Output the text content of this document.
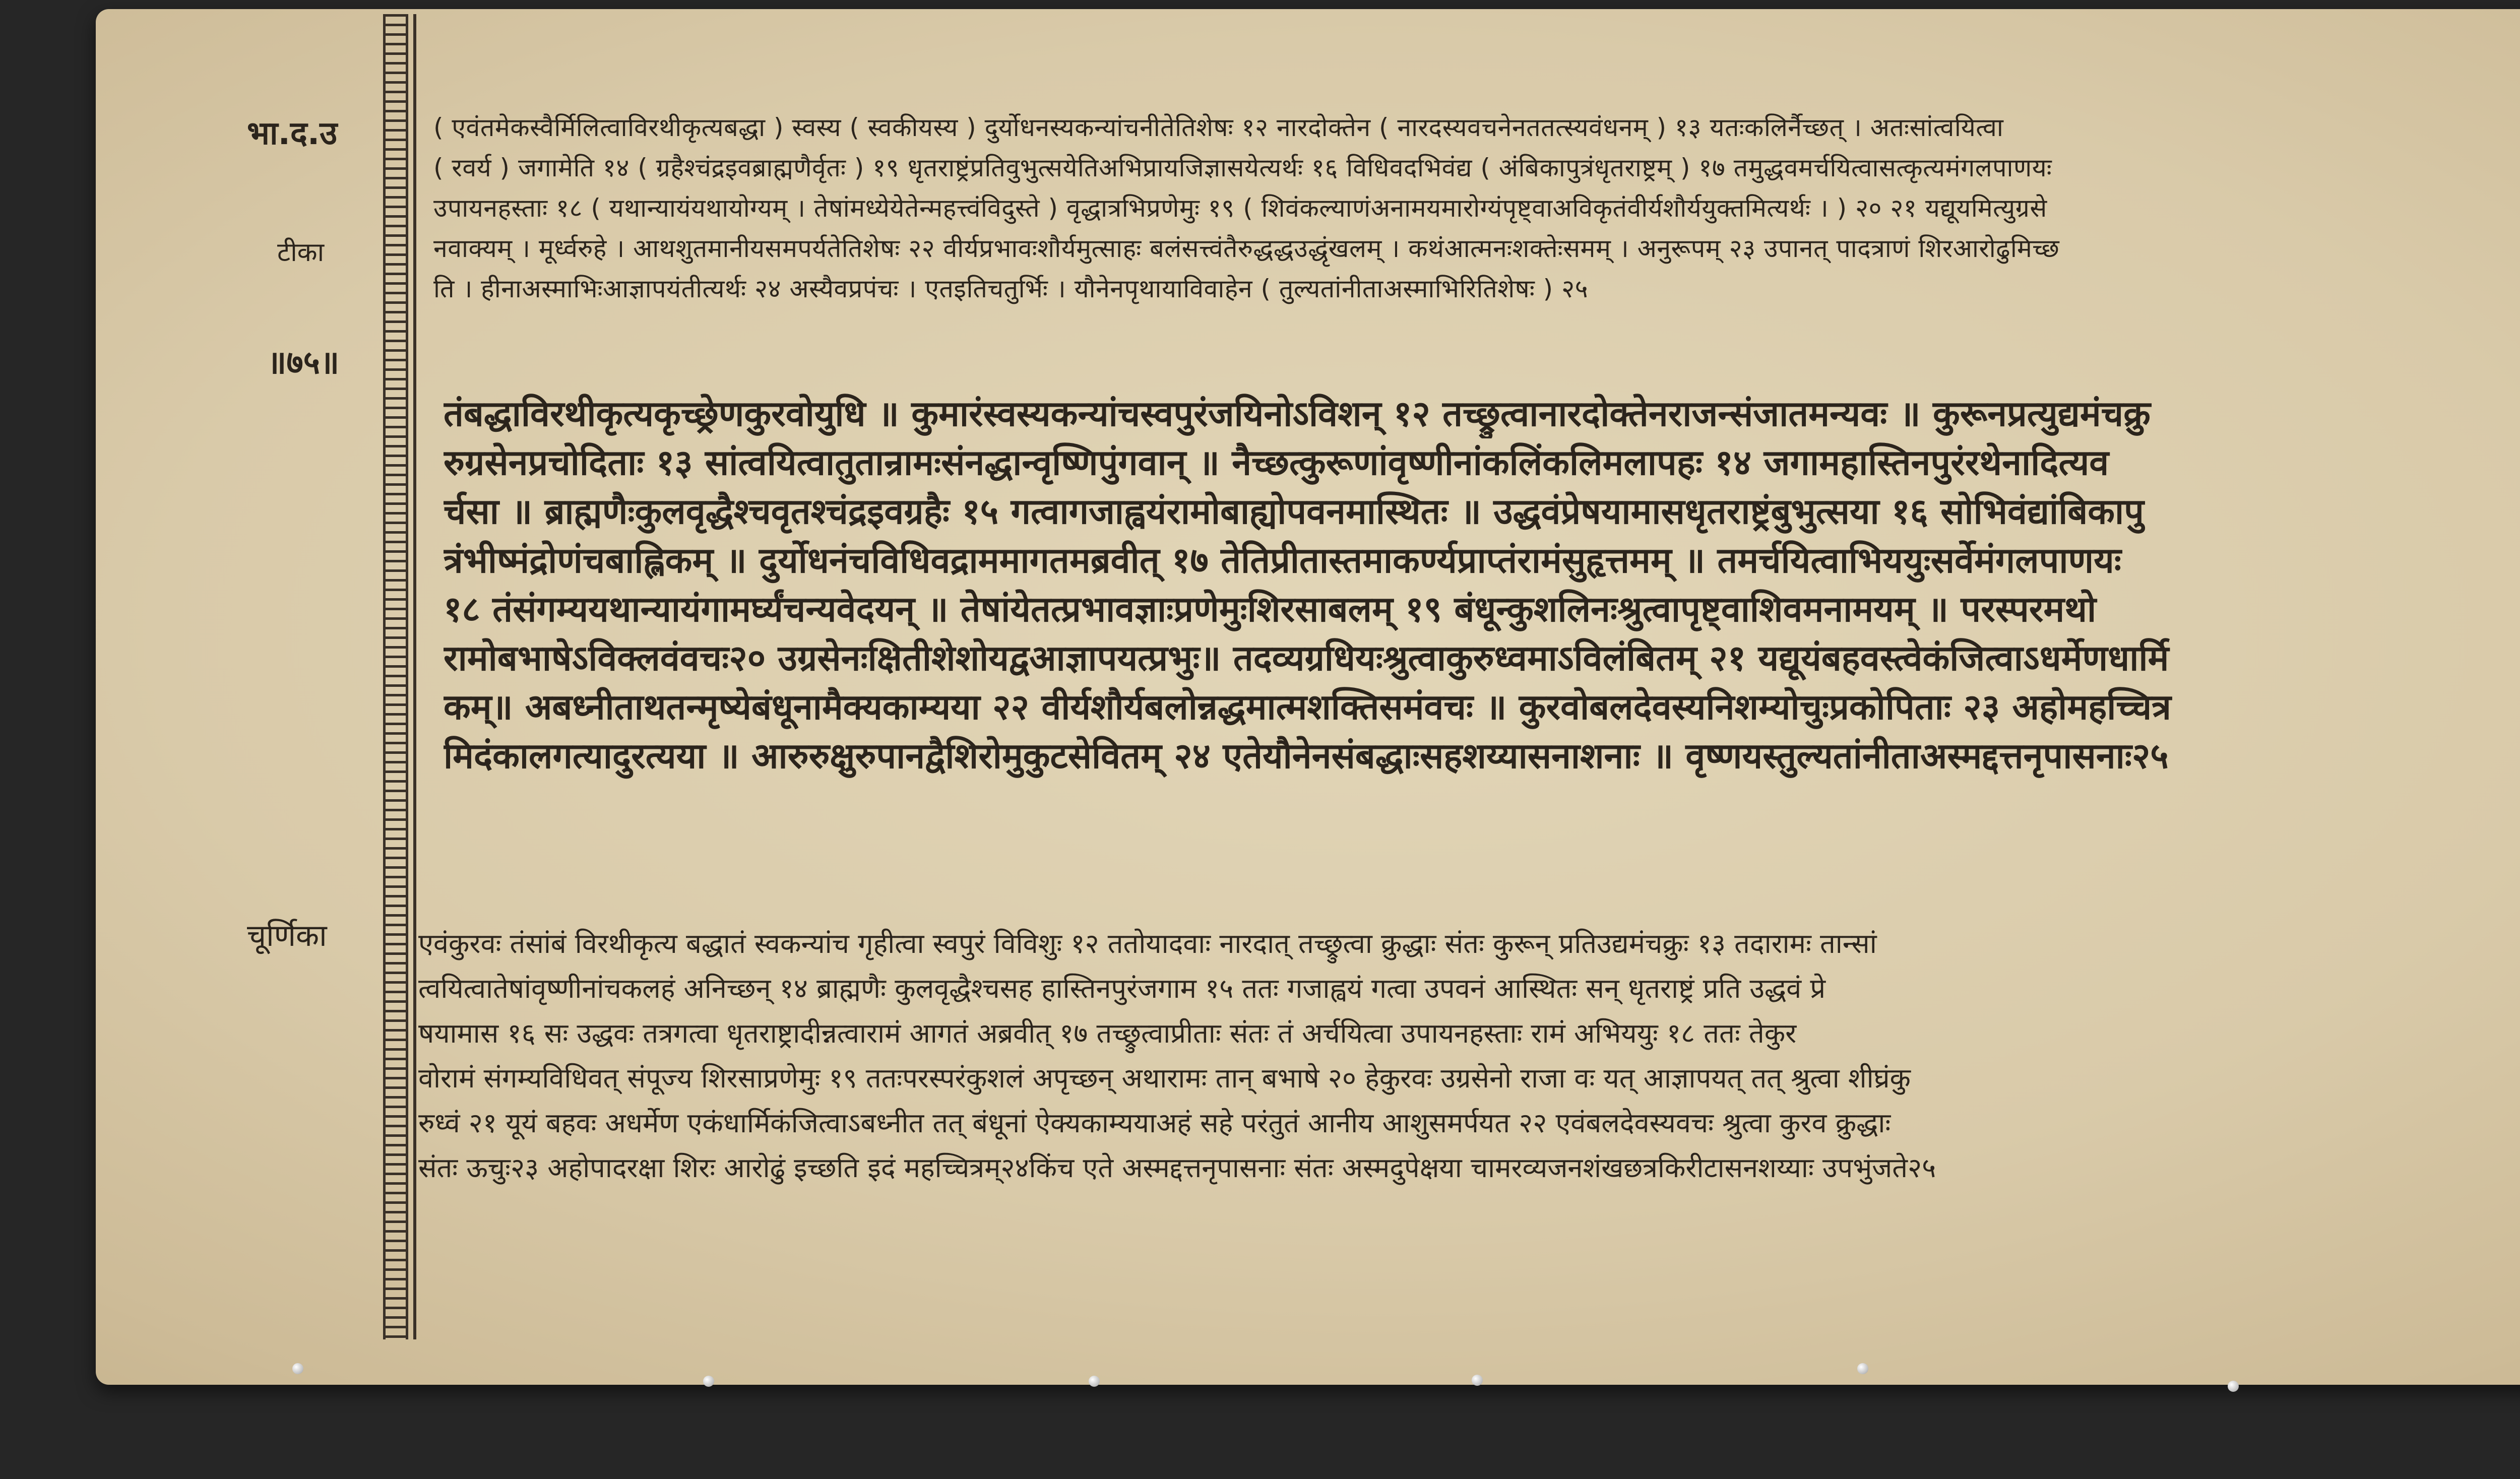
भा.द.उ
टीका
॥७५॥
चूर्णिका
( एवंतमेकस्वैर्मिलित्वाविरथीकृत्यबद्धा ) स्वस्य ( स्वकीयस्य ) दुर्योधनस्यकन्यांचनीतेतिशेषः १२ नारदोक्तेन ( नारदस्यवचनेनततत्स्यवंधनम् ) १३ यतःकलिर्नैच्छत् । अतःसांत्वयित्वा
( रवर्य ) जगामेति १४ ( ग्रहैश्चंद्रइवब्राह्मणैर्वृतः ) १९ धृतराष्ट्रंप्रतिवुभुत्सयेतिअभिप्रायजिज्ञासयेत्यर्थः १६ विधिवदभिवंद्य ( अंबिकापुत्रंधृतराष्ट्रम् ) १७ तमुद्धवमर्चयित्वासत्कृत्यमंगलपाणयः
उपायनहस्ताः १८ ( यथान्यायंयथायोग्यम् । तेषांमध्येयेतेन्महत्त्वंविदुस्ते ) वृद्धात्रभिप्रणेमुः १९ ( शिवंकल्याणंअनामयमारोग्यंपृष्ट्वाअविकृतंवीर्यशौर्ययुक्तमित्यर्थः । ) २० २१ यद्यूयमित्युग्रसे
नवाक्यम् । मूर्ध्वरुहे । आथशुतमानीयसमपर्यतेतिशेषः २२ वीर्यप्रभावःशौर्यमुत्साहः बलंसत्त्वंतैरुद्धद्धउद्धृंखलम् । कथंआत्मनःशक्तेःसमम् । अनुरूपम् २३ उपानत् पादत्राणं शिरआरोढुमिच्छ
ति । हीनाअस्माभिःआज्ञापयंतीत्यर्थः २४ अस्यैवप्रपंचः । एतइतिचतुर्भिः । यौनेनपृथायाविवाहेन ( तुल्यतांनीताअस्माभिरितिशेषः ) २५
तंबद्धाविरथीकृत्यकृच्छ्रेणकुरवोयुधि ॥ कुमारंस्वस्यकन्यांचस्वपुरंजयिनोऽविशन् १२ तच्छ्रुत्वानारदोक्तेनराजन्संजातमन्यवः ॥ कुरूनप्रत्युद्यमंचक्रु
रुग्रसेनप्रचोदिताः १३ सांत्वयित्वातुतान्रामःसंनद्धान्वृष्णिपुंगवान् ॥ नैच्छत्कुरूणांवृष्णीनांकलिंकलिमलापहः १४ जगामहास्तिनपुरंरथेनादित्यव
र्चसा ॥ ब्राह्मणैःकुलवृद्धैश्चवृतश्चंद्रइवग्रहैः १५ गत्वागजाह्वयंरामोबाह्योपवनमास्थितः ॥ उद्धवंप्रेषयामासधृतराष्ट्रंबुभुत्सया १६ सोभिवंद्यांबिकापु
त्रंभीष्मंद्रोणंचबाह्लिकम् ॥ दुर्योधनंचविधिवद्राममागतमब्रवीत् १७ तेतिप्रीतास्तमाकर्ण्यप्राप्तंरामंसुहृत्तमम् ॥ तमर्चयित्वाभिययुःसर्वेमंगलपाणयः
१८ तंसंगम्ययथान्यायंगामर्घ्यंचन्यवेदयन् ॥ तेषांयेतत्प्रभावज्ञाःप्रणेमुःशिरसाबलम् १९ बंधून्कुशलिनःश्रुत्वापृष्ट्वाशिवमनामयम् ॥ परस्परमथो
रामोबभाषेऽविक्लवंवचः२० उग्रसेनःक्षितीशेशोयद्वआज्ञापयत्प्रभुः॥ तदव्यग्रधियःश्रुत्वाकुरुध्वमाऽविलंबितम् २१ यद्यूयंबहवस्त्वेकंजित्वाऽधर्मेणधार्मि
कम्॥ अबध्नीताथतन्मृष्येबंधूनामैक्यकाम्यया २२ वीर्यशौर्यबलोन्नद्धमात्मशक्तिसमंवचः ॥ कुरवोबलदेवस्यनिशम्योचुःप्रकोपिताः २३ अहोमहच्चित्र
मिदंकालगत्यादुरत्यया ॥ आरुरुक्षुरुपानद्वैशिरोमुकुटसेवितम् २४ एतेयौनेनसंबद्धाःसहशय्यासनाशनाः ॥ वृष्णयस्तुल्यतांनीताअस्मद्दत्तनृपासनाः२५
एवंकुरवः तंसांबं विरथीकृत्य बद्धातं स्वकन्यांच गृहीत्वा स्वपुरं विविशुः १२ ततोयादवाः नारदात् तच्छ्रुत्वा क्रुद्धाः संतः कुरून् प्रतिउद्यमंचक्रुः १३ तदारामः तान्सां
त्वयित्वातेषांवृष्णीनांचकलहं अनिच्छन् १४ ब्राह्मणैः कुलवृद्धैश्चसह हास्तिनपुरंजगाम १५ ततः गजाह्वयं गत्वा उपवनं आस्थितः सन् धृतराष्ट्रं प्रति उद्धवं प्रे
षयामास १६ सः उद्धवः तत्रगत्वा धृतराष्ट्रादीन्नत्वारामं आगतं अब्रवीत् १७ तच्छ्रुत्वाप्रीताः संतः तं अर्चयित्वा उपायनहस्ताः रामं अभिययुः १८ ततः तेकुर
वोरामं संगम्यविधिवत् संपूज्य शिरसाप्रणेमुः १९ ततःपरस्परंकुशलं अपृच्छन् अथारामः तान् बभाषे २० हेकुरवः उग्रसेनो राजा वः यत् आज्ञापयत् तत् श्रुत्वा शीघ्रंकु
रुध्वं २१ यूयं बहवः अधर्मेण एकंधार्मिकंजित्वाऽबध्नीत तत् बंधूनां ऐक्यकाम्ययाअहं सहे परंतुतं आनीय आशुसमर्पयत २२ एवंबलदेवस्यवचः श्रुत्वा कुरव क्रुद्धाः
संतः ऊचुः२३ अहोपादरक्षा शिरः आरोढुं इच्छति इदं महच्चित्रम्२४किंच एते अस्मद्दत्तनृपासनाः संतः अस्मदुपेक्षया चामरव्यजनशंखछत्रकिरीटासनशय्याः उपभुंजते२५
